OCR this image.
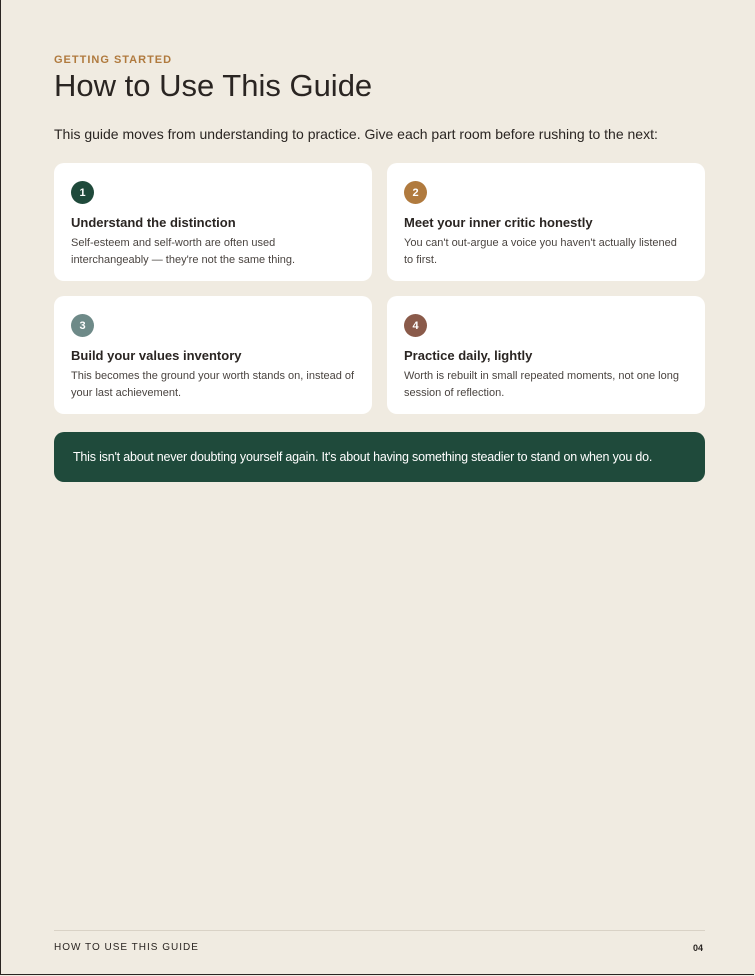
GETTING STARTED
How to Use This Guide
This guide moves from understanding to practice. Give each part room before rushing to the next:
1
Understand the distinction
Self-esteem and self-worth are often used interchangeably — they're not the same thing.
2
Meet your inner critic honestly
You can't out-argue a voice you haven't actually listened to first.
3
Build your values inventory
This becomes the ground your worth stands on, instead of your last achievement.
4
Practice daily, lightly
Worth is rebuilt in small repeated moments, not one long session of reflection.
This isn't about never doubting yourself again. It's about having something steadier to stand on when you do.
HOW TO USE THIS GUIDE	04
